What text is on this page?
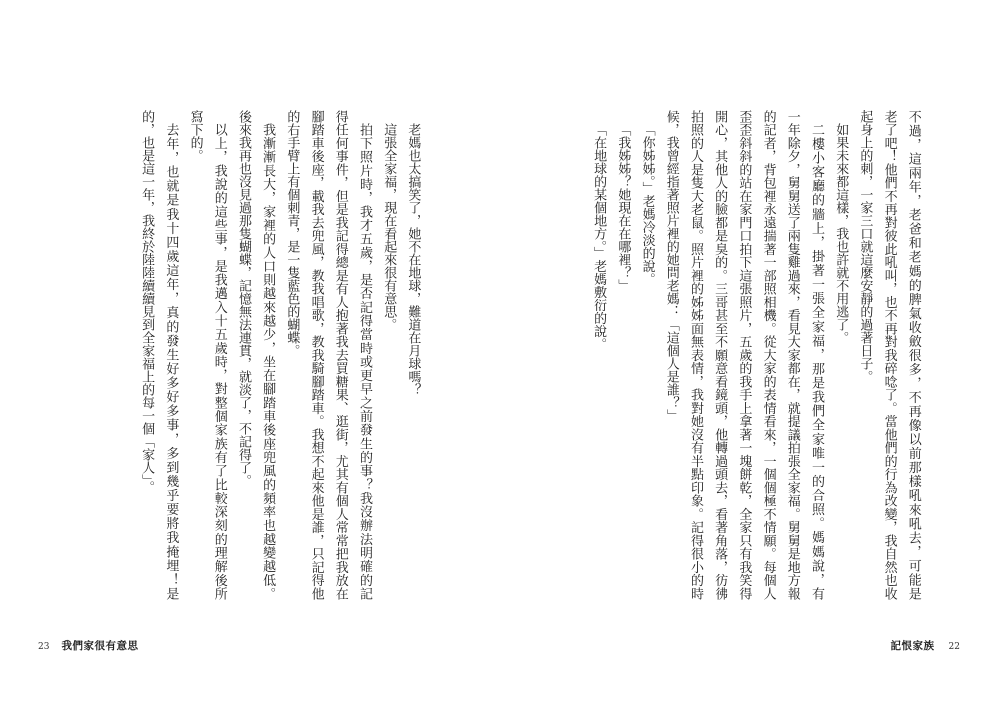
老媽也太搞笑了，她不在地球，難道在月球嗎？
這張全家福，現在看起來很有意思。
拍下照片時，我才五歲，是否記得當時或更早之前發生的事？我沒辦法明確的記
得任何事件，但是我記得總是有人抱著我去買糖果、逛街，尤其有個人常常把我放在
腳踏車後座，載我去兜風，教我唱歌，教我騎腳踏車。我想不起來他是誰，只記得他
的右手臂上有個刺青，是一隻藍色的蝴蝶。
我漸漸長大，家裡的人口則越來越少，坐在腳踏車後座兜風的頻率也越變越低。
後來我再也沒見過那隻蝴蝶，記憶無法連貫，就淡了，不記得了。
以上，我說的這些事，是我邁入十五歲時，對整個家族有了比較深刻的理解後所
寫下的。
去年，也就是我十四歲這年，真的發生好多好多事，多到幾乎要將我掩埋！是
的，也是這一年，我終於陸陸續續見到全家福上的每一個「家人」。
23 我們家很有意思
不過，這兩年，老爸和老媽的脾氣收斂很多，不再像以前那樣吼來吼去，可能是
老了吧！他們不再對彼此吼叫，也不再對我碎唸了。當他們的行為改變，我自然也收
起身上的刺，一家三口就這麼安靜的過著日子。
如果未來都這樣，我也許就不用逃了。
二樓小客廳的牆上，掛著一張全家福，那是我們全家唯一的合照。媽媽說，有
一年除夕，舅舅送了兩隻雞過來，看見大家都在，就提議拍張全家福。舅舅是地方報
的記者，背包裡永遠揣著一部照相機。從大家的表情看來，一個個極不情願。每個人
歪歪斜斜的站在家門口拍下這張照片，五歲的我手上拿著一塊餅乾，全家只有我笑得
開心，其他人的臉都是臭的。三哥甚至不願意看鏡頭，他轉過頭去，看著角落，彷彿
拍照的人是隻大老鼠。照片裡的姊姊面無表情，我對她沒有半點印象。記得很小的時
候，我曾經指著照片裡的她問老媽：「這個人是誰？」
「你姊姊。」老媽冷淡的說。
「我姊姊？她現在在哪裡？」
「在地球的某個地方。」老媽敷衍的說。
記恨家族 22
